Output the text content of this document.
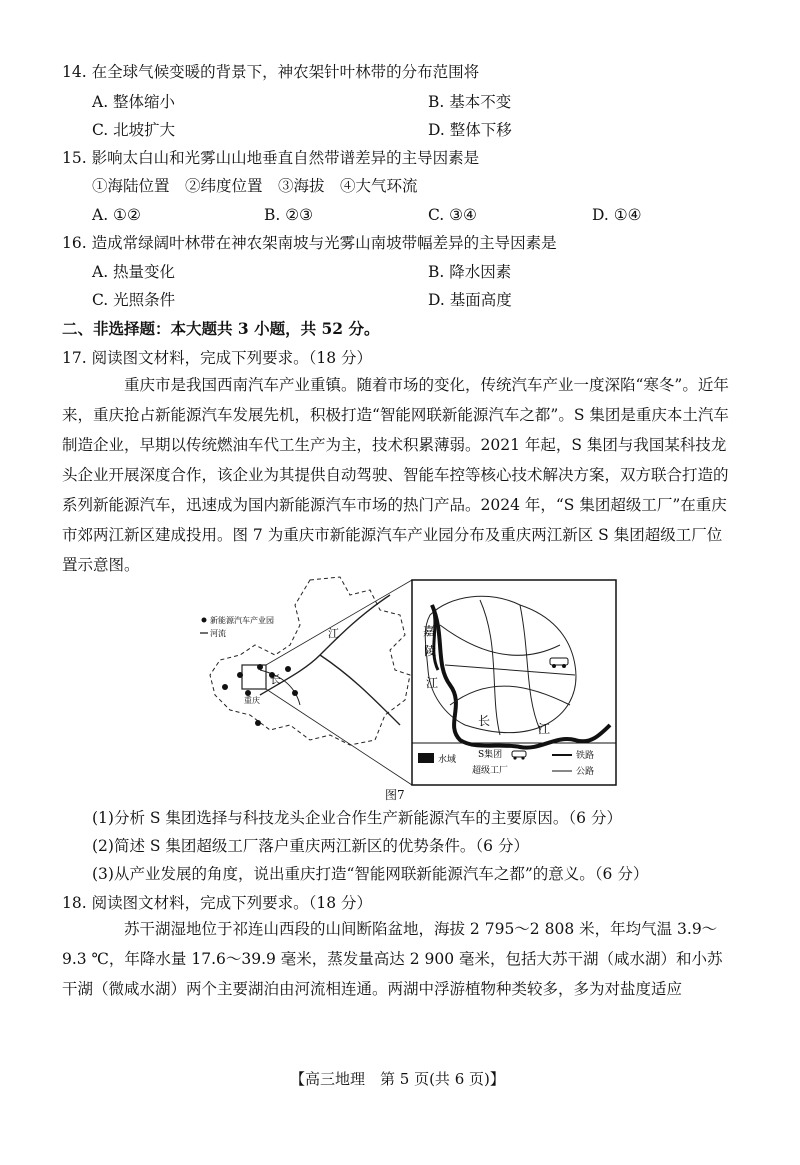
14. 在全球气候变暖的背景下，神农架针叶林带的分布范围将
A. 整体缩小	B. 基本不变
C. 北坡扩大	D. 整体下移
15. 影响太白山和光雾山山地垂直自然带谱差异的主导因素是
①海陆位置　②纬度位置　③海拔　④大气环流
A. ①②	B. ②③	C. ③④	D. ①④
16. 造成常绿阔叶林带在神农架南坡与光雾山南坡带幅差异的主导因素是
A. 热量变化	B. 降水因素
C. 光照条件	D. 基面高度
二、非选择题：本大题共 3 小题，共 52 分。
17. 阅读图文材料，完成下列要求。（18 分）
重庆市是我国西南汽车产业重镇。随着市场的变化，传统汽车产业一度深陷“寒冬”。近年来，重庆抢占新能源汽车发展先机，积极打造“智能网联新能源汽车之都”。S 集团是重庆本土汽车制造企业，早期以传统燃油车代工生产为主，技术积累薄弱。2021 年起，S 集团与我国某科技龙头企业开展深度合作，该企业为其提供自动驾驶、智能车控等核心技术解决方案，双方联合打造的系列新能源汽车，迅速成为国内新能源汽车市场的热门产品。2024 年，“S 集团超级工厂”在重庆市郊两江新区建成投用。图 7 为重庆市新能源汽车产业园分布及重庆两江新区 S 集团超级工厂位置示意图。
新能源汽车产业园
河流	江
长
重庆
嘉
陵
江
长
江
水域 S集团
超级工厂
铁路
公路
图7
(1)分析 S 集团选择与科技龙头企业合作生产新能源汽车的主要原因。（6 分）
(2)简述 S 集团超级工厂落户重庆两江新区的优势条件。（6 分）
(3)从产业发展的角度，说出重庆打造“智能网联新能源汽车之都”的意义。（6 分）
18. 阅读图文材料，完成下列要求。（18 分）
苏干湖湿地位于祁连山西段的山间断陷盆地，海拔 2 795～2 808 米，年均气温 3.9～9.3 ℃，年降水量 17.6～39.9 毫米，蒸发量高达 2 900 毫米，包括大苏干湖（咸水湖）和小苏干湖（微咸水湖）两个主要湖泊由河流相连通。两湖中浮游植物种类较多，多为对盐度适应
【高三地理　第 5 页(共 6 页)】
